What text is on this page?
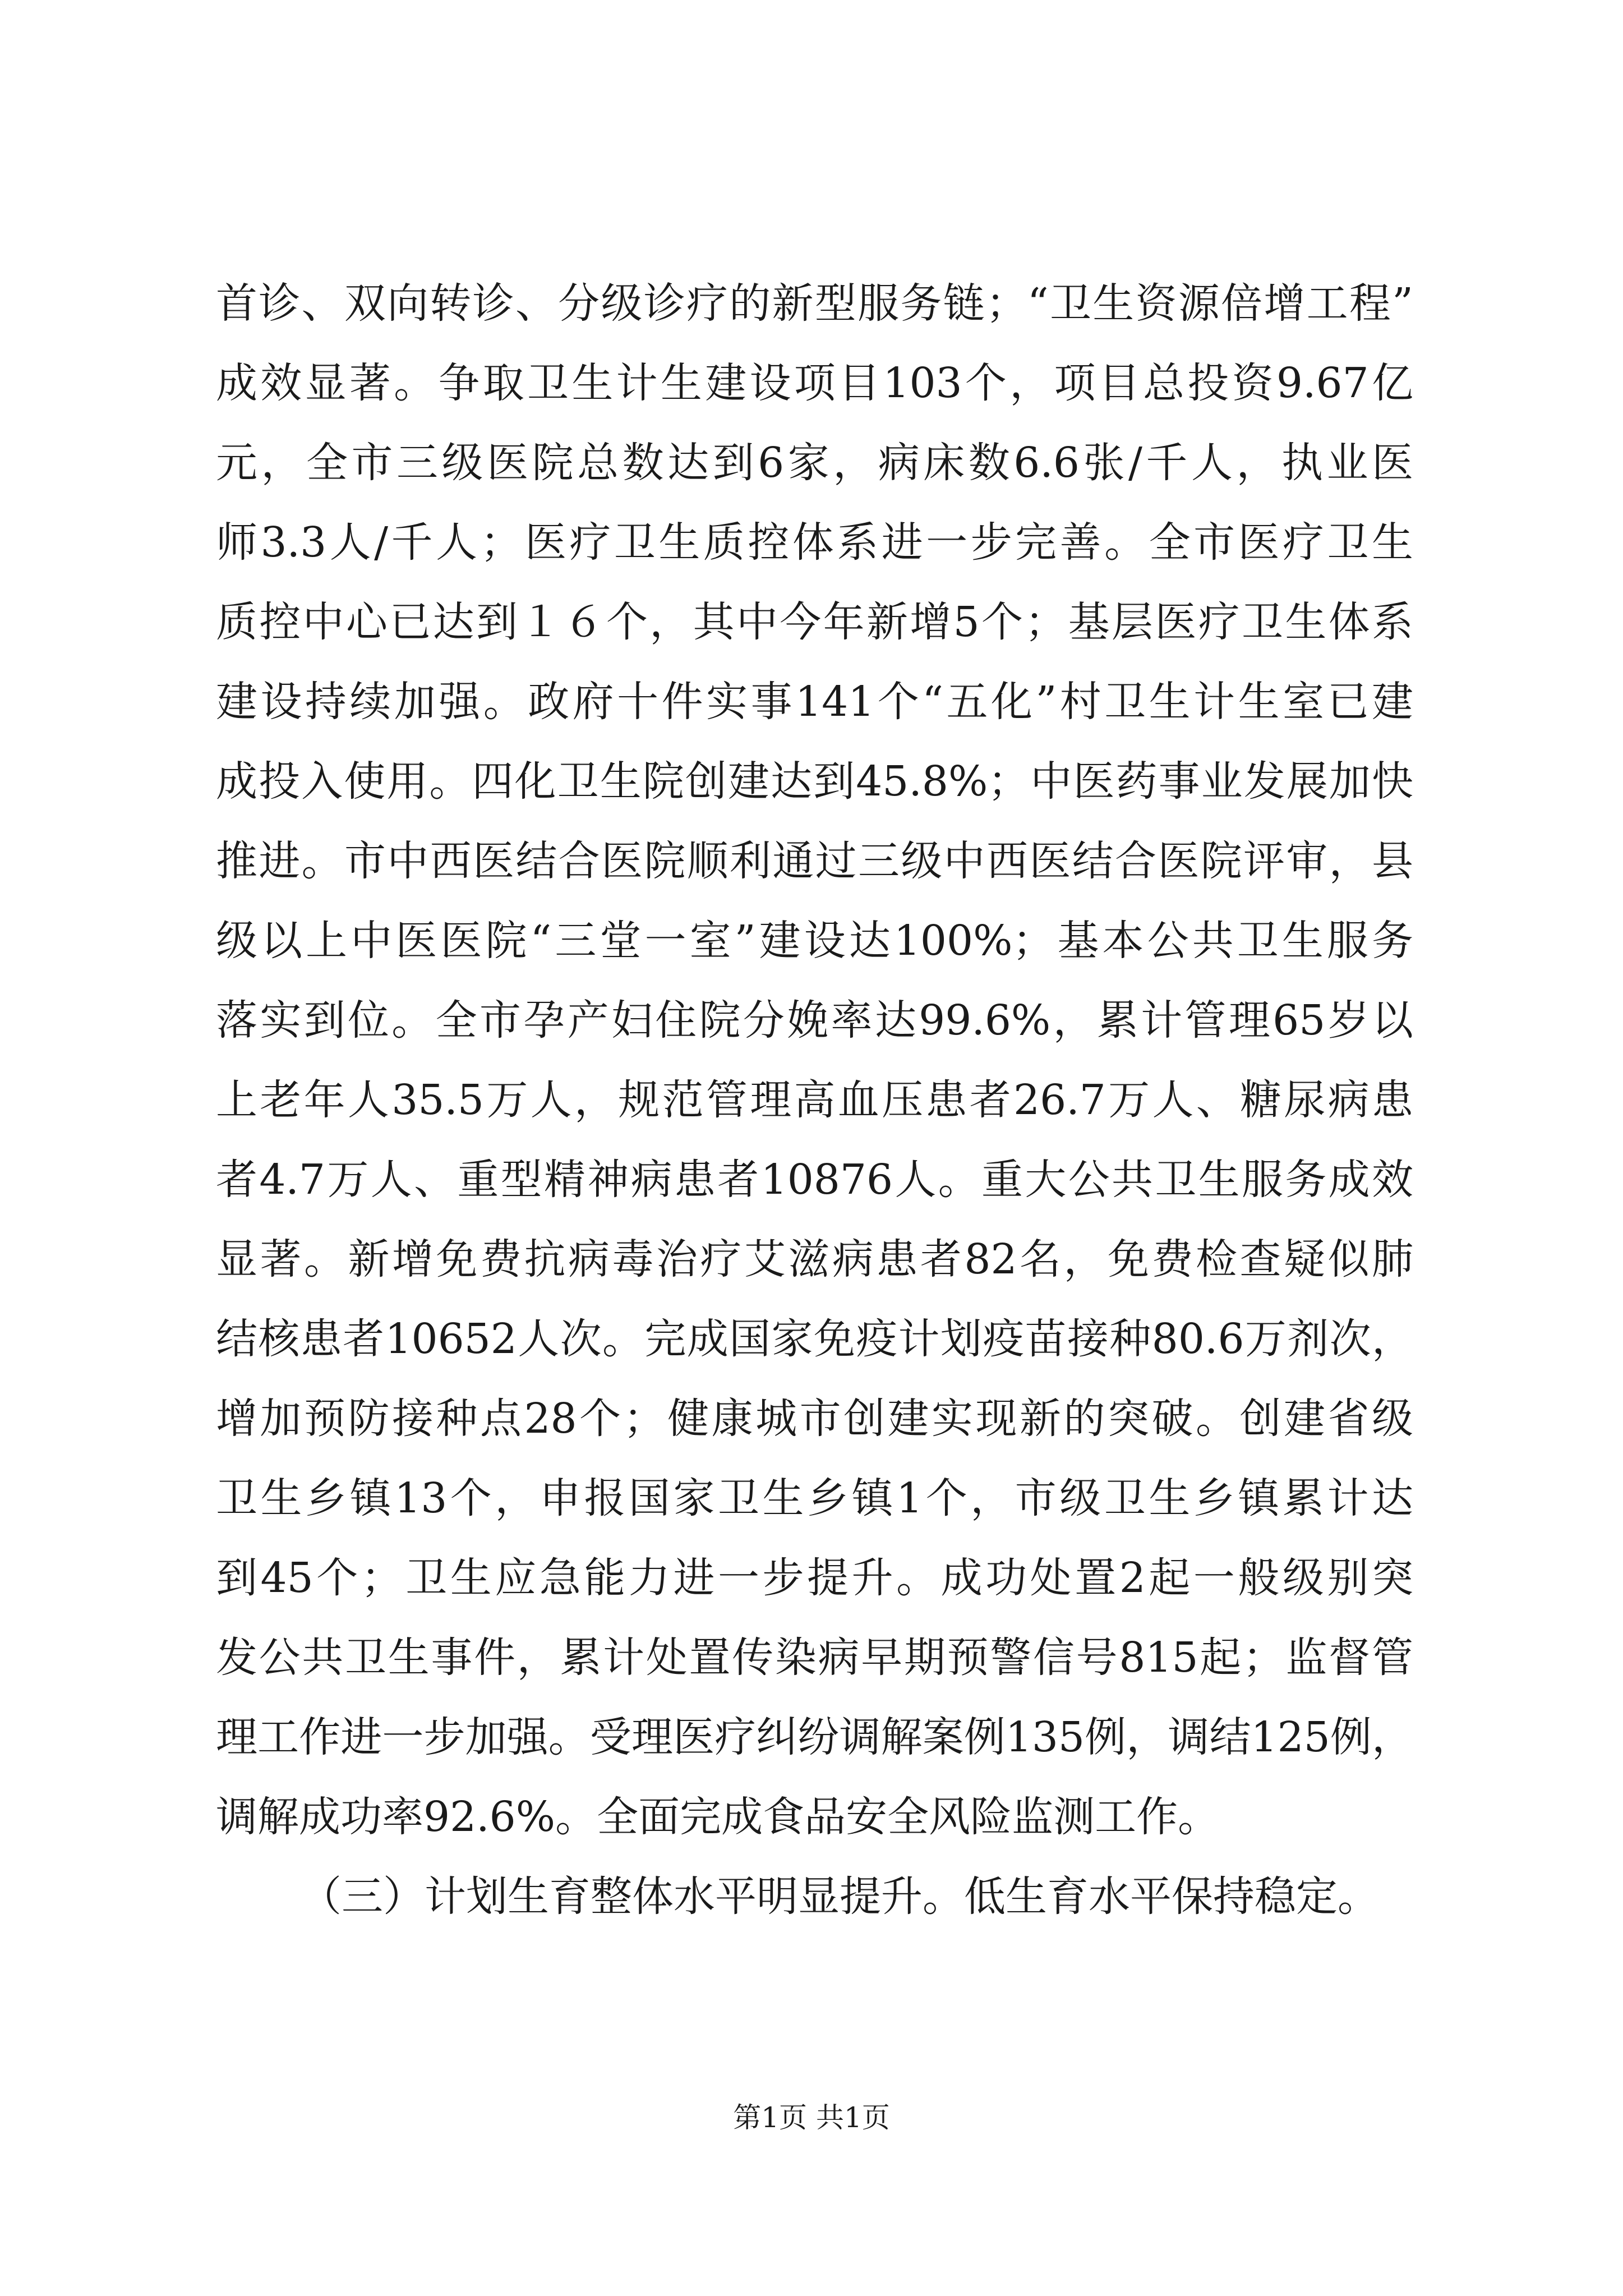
首诊、双向转诊、分级诊疗的新型服务链；“卫生资源倍增工程”
成效显著。争取卫生计生建设项目103个，项目总投资9.67亿
元，全市三级医院总数达到6家，病床数6.6张/千人，执业医
师3.3人/千人；医疗卫生质控体系进一步完善。全市医疗卫生
质控中心已达到１６个，其中今年新增5个；基层医疗卫生体系
建设持续加强。政府十件实事141个“五化”村卫生计生室已建
成投入使用。四化卫生院创建达到45.8%；中医药事业发展加快
推进。市中西医结合医院顺利通过三级中西医结合医院评审，县
级以上中医医院“三堂一室”建设达100%；基本公共卫生服务
落实到位。全市孕产妇住院分娩率达99.6%，累计管理65岁以
上老年人35.5万人，规范管理高血压患者26.7万人、糖尿病患
者4.7万人、重型精神病患者10876人。重大公共卫生服务成效
显著。新增免费抗病毒治疗艾滋病患者82名，免费检查疑似肺
结核患者10652人次。完成国家免疫计划疫苗接种80.6万剂次，
增加预防接种点28个；健康城市创建实现新的突破。创建省级
卫生乡镇13个，申报国家卫生乡镇1个，市级卫生乡镇累计达
到45个；卫生应急能力进一步提升。成功处置2起一般级别突
发公共卫生事件，累计处置传染病早期预警信号815起；监督管
理工作进一步加强。受理医疗纠纷调解案例135例，调结125例，
调解成功率92.6%。全面完成食品安全风险监测工作。
（三）计划生育整体水平明显提升。低生育水平保持稳定。
第1页 共1页
